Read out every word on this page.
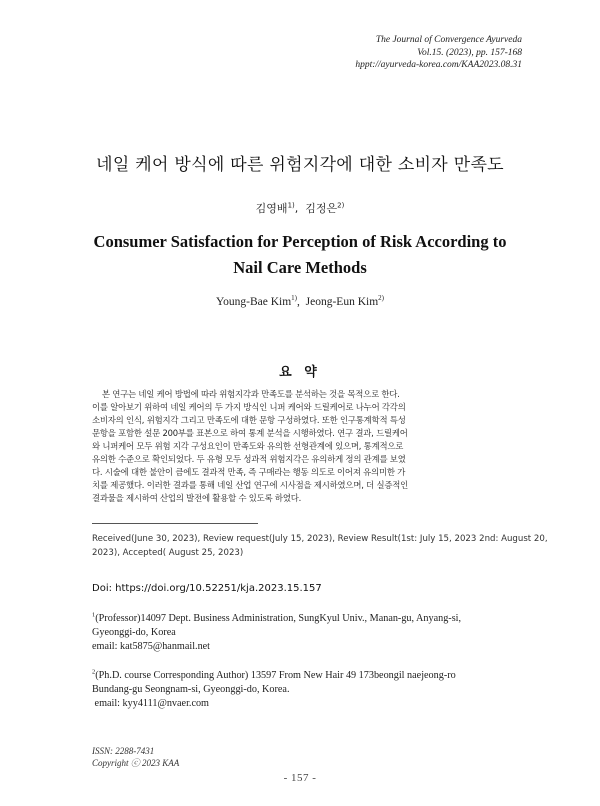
The Journal of Convergence Ayurveda
Vol.15. (2023), pp. 157-168
hppt://ayurveda-korea.com/KAA2023.08.31
네일 케어 방식에 따른 위험지각에 대한 소비자 만족도
김영배$^{1)}$,  김정은$^{2)}$
Consumer Satisfaction for Perception of Risk According to
Nail Care Methods
Young-Bae Kim$^{1)}$,  Jeong-Eun Kim$^{2)}$
요 약
본 연구는 네일 케어 방법에 따라 위험지각과 만족도를 분석하는 것을 목적으로 한다.
이를 알아보기 위하여 네일 케어의 두 가지 방식인 니퍼 케어와 드릴케어로 나누어 각각의
소비자의 인식, 위험지각 그리고 만족도에 대한 문항 구성하였다. 또한 인구통계학적 특성
문항을 포함한 설문 200부를 표본으로 하여 통계 분석을 시행하였다. 연구 결과, 드릴케어
와 니퍼케어 모두 위험 지각 구성요인이 만족도와 유의한 선형관계에 있으며, 통계적으로
유의한 수준으로 확인되었다. 두 유형 모두 성과적 위험지각은 유의하게 정의 관계를 보였
다. 시술에 대한 불안이 큼에도 결과적 만족, 즉 구매라는 행동 의도로 이어져 유의미한 가
치를 제공했다. 이러한 결과를 통해 네일 산업 연구에 시사점을 제시하였으며, 더 실증적인
결과물을 제시하여 산업의 발전에 활용할 수 있도록 하였다.
Received(June 30, 2023), Review request(July 15, 2023), Review Result(1st: July 15, 2023 2nd: August 20,
2023), Accepted( August 25, 2023)
Doi: https://doi.org/10.52251/kja.2023.15.157
$^1$(Professor)14097 Dept. Business Administration, SungKyul Univ., Manan-gu, Anyang-si,
Gyeonggi-do, Korea
email: kat5875@hanmail.net
$^2$(Ph.D. course Corresponding Author) 13597 From New Hair 49 173beongil naejeong-ro
Bundang-gu Seongnam-si, Gyeonggi-do, Korea.
email: kyy4111@nvaer.com
ISSN: 2288-7431
Copyright ⓒ 2023 KAA
- 157 -
